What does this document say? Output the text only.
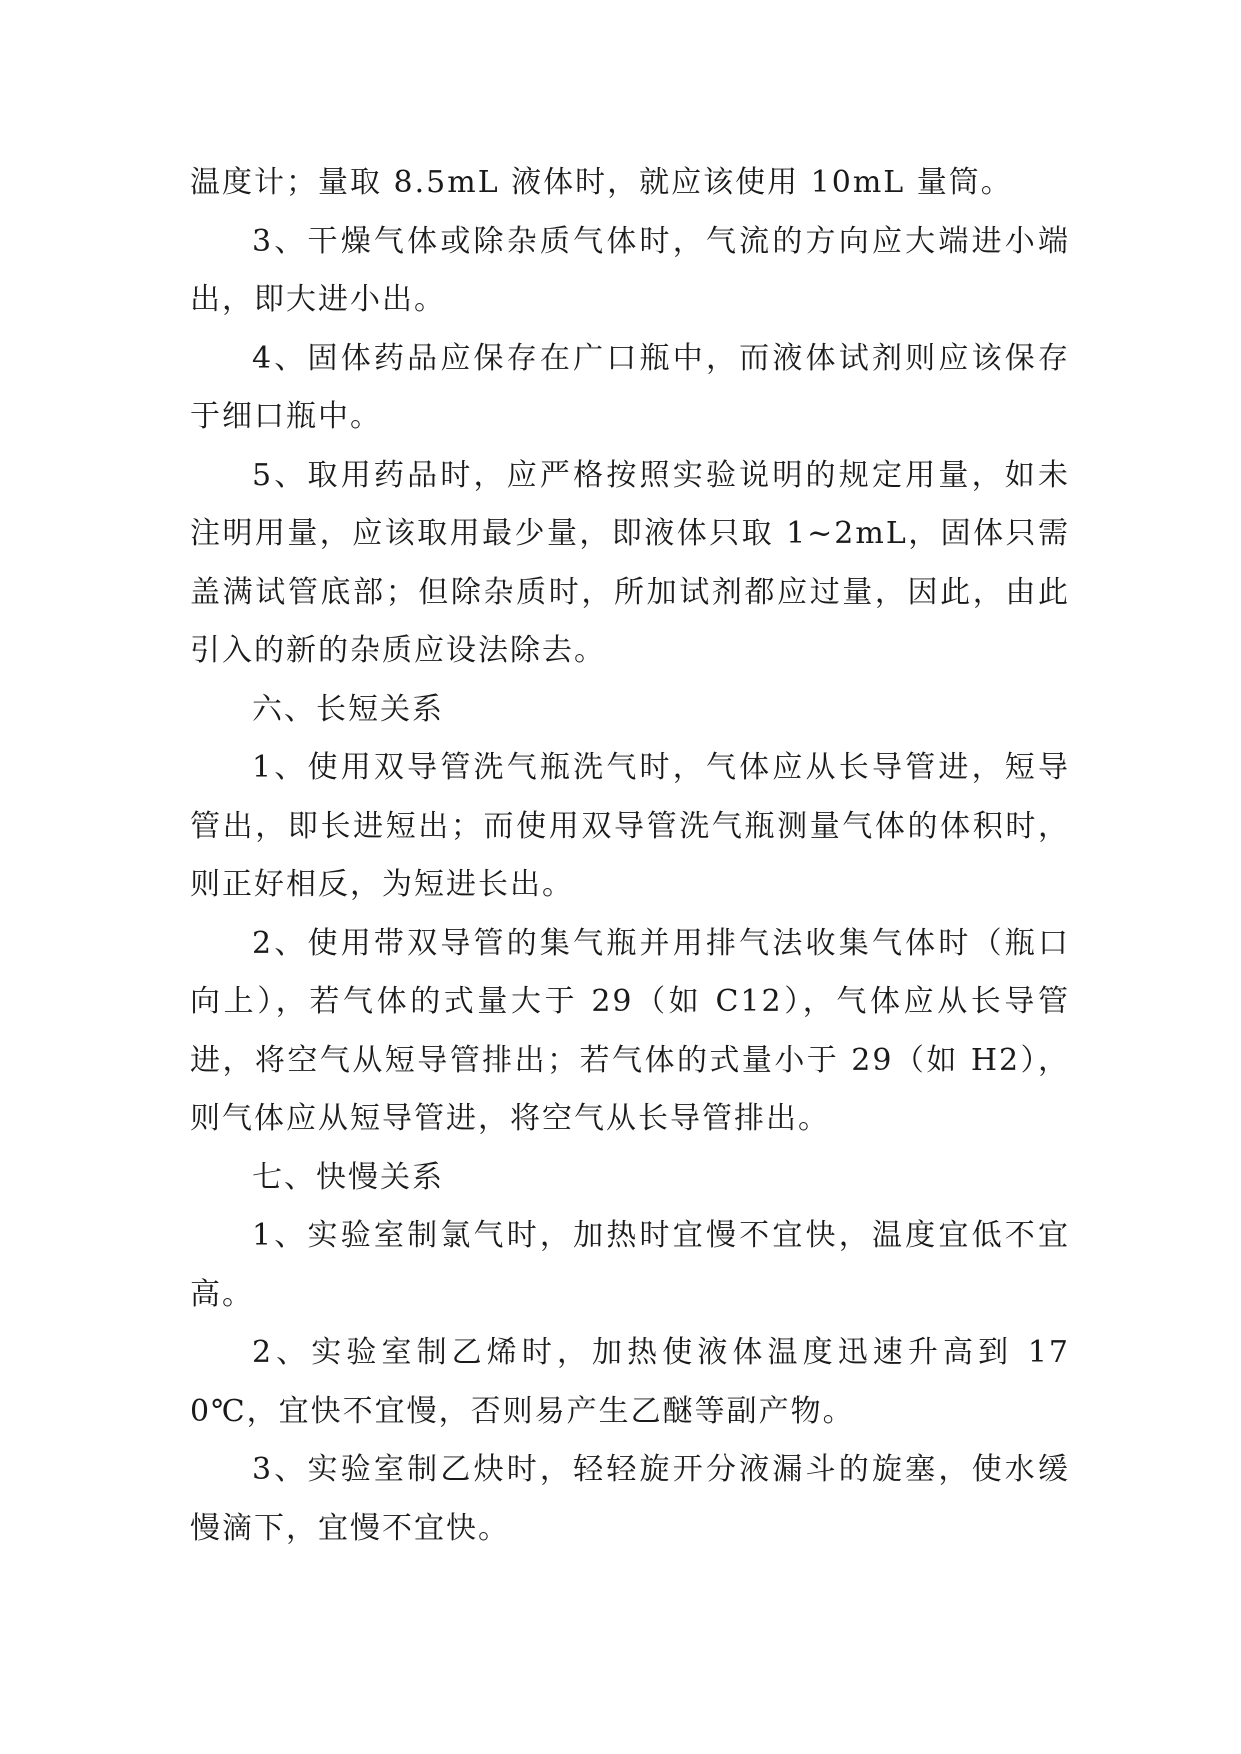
温度计；量取 8.5mL 液体时，就应该使用 10mL 量筒。

3、干燥气体或除杂质气体时，气流的方向应大端进小端出，即大进小出。

4、固体药品应保存在广口瓶中，而液体试剂则应该保存于细口瓶中。

5、取用药品时，应严格按照实验说明的规定用量，如未注明用量，应该取用最少量，即液体只取 1~2mL，固体只需盖满试管底部；但除杂质时，所加试剂都应过量，因此，由此引入的新的杂质应设法除去。

六、长短关系

1、使用双导管洗气瓶洗气时，气体应从长导管进，短导管出，即长进短出；而使用双导管洗气瓶测量气体的体积时，则正好相反，为短进长出。

2、使用带双导管的集气瓶并用排气法收集气体时（瓶口向上），若气体的式量大于 29（如 C12），气体应从长导管进，将空气从短导管排出；若气体的式量小于 29（如 H2），则气体应从短导管进，将空气从长导管排出。

七、快慢关系

1、实验室制氯气时，加热时宜慢不宜快，温度宜低不宜高。

2、实验室制乙烯时，加热使液体温度迅速升高到 170℃，宜快不宜慢，否则易产生乙醚等副产物。

3、实验室制乙炔时，轻轻旋开分液漏斗的旋塞，使水缓慢滴下，宜慢不宜快。
